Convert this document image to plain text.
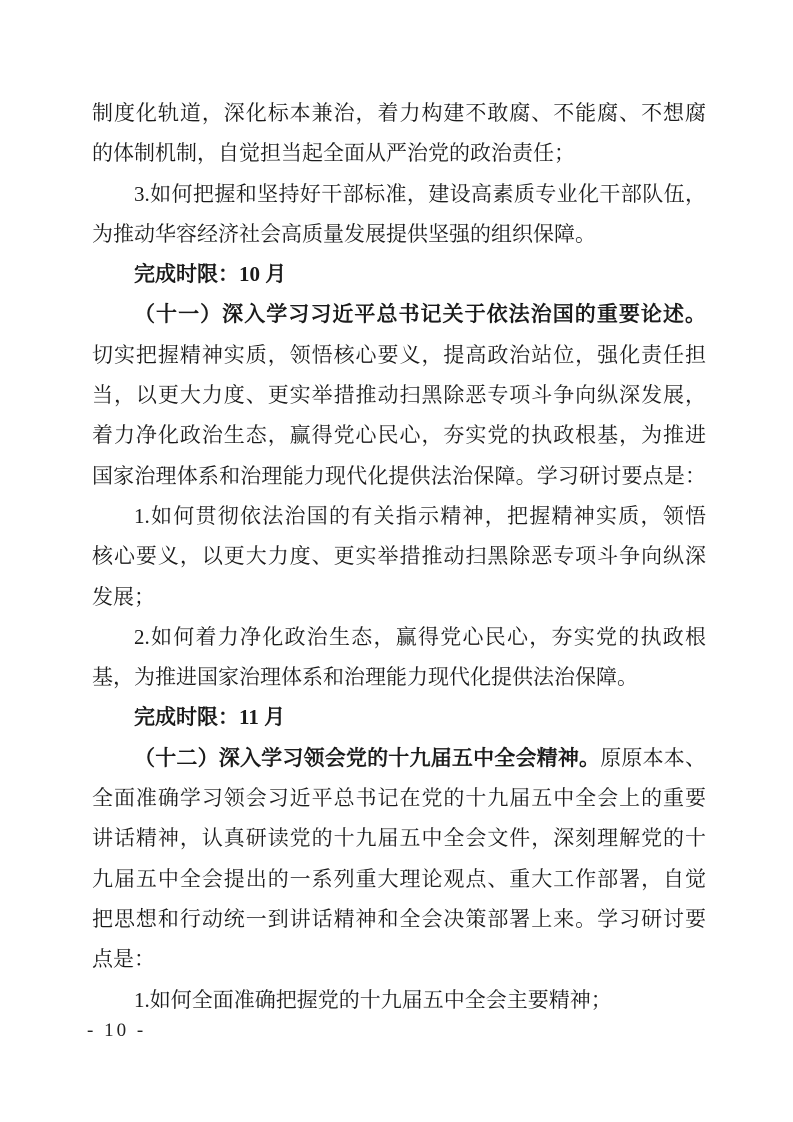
制度化轨道，深化标本兼治，着力构建不敢腐、不能腐、不想腐
的体制机制，自觉担当起全面从严治党的政治责任；
3.如何把握和坚持好干部标准，建设高素质专业化干部队伍，
为推动华容经济社会高质量发展提供坚强的组织保障。
完成时限：10 月
（十一）深入学习习近平总书记关于依法治国的重要论述。
切实把握精神实质，领悟核心要义，提高政治站位，强化责任担
当，以更大力度、更实举措推动扫黑除恶专项斗争向纵深发展，
着力净化政治生态，赢得党心民心，夯实党的执政根基，为推进
国家治理体系和治理能力现代化提供法治保障。学习研讨要点是：
1.如何贯彻依法治国的有关指示精神，把握精神实质，领悟
核心要义，以更大力度、更实举措推动扫黑除恶专项斗争向纵深
发展；
2.如何着力净化政治生态，赢得党心民心，夯实党的执政根
基，为推进国家治理体系和治理能力现代化提供法治保障。
完成时限：11 月
（十二）深入学习领会党的十九届五中全会精神。原原本本、
全面准确学习领会习近平总书记在党的十九届五中全会上的重要
讲话精神，认真研读党的十九届五中全会文件，深刻理解党的十
九届五中全会提出的一系列重大理论观点、重大工作部署，自觉
把思想和行动统一到讲话精神和全会决策部署上来。学习研讨要
点是：
1.如何全面准确把握党的十九届五中全会主要精神；
- 10 -
